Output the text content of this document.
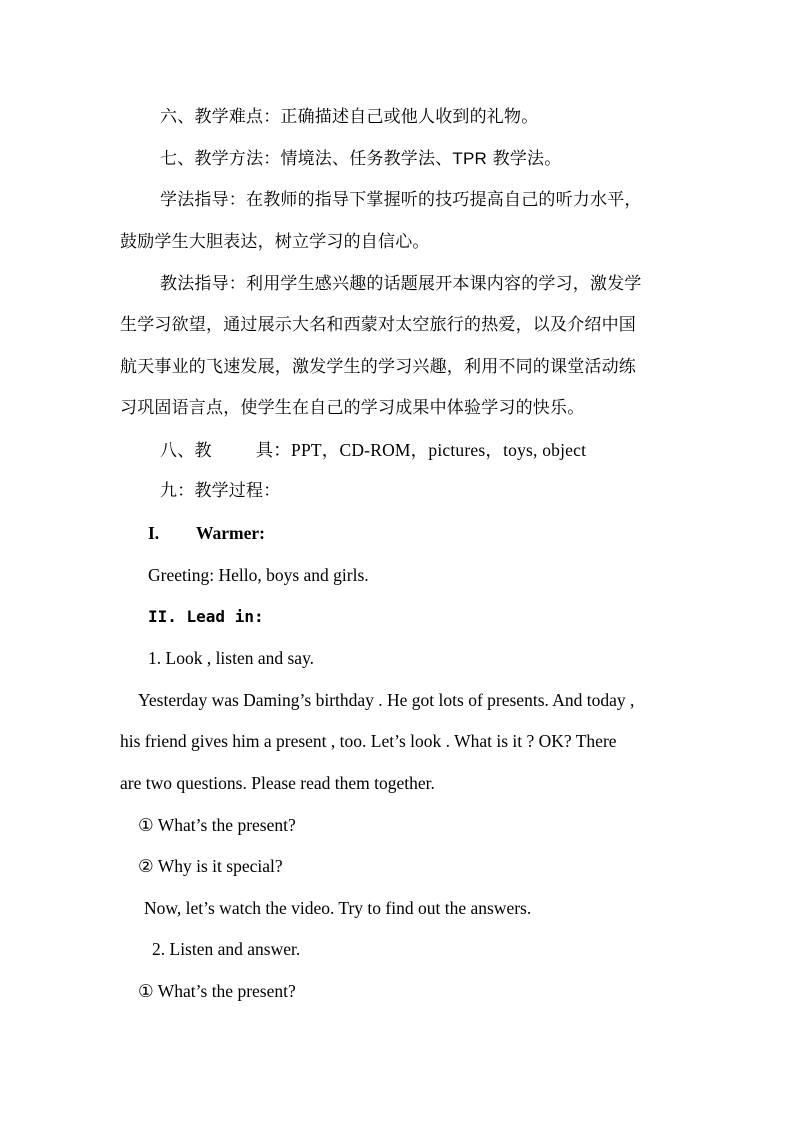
六、教学难点：正确描述自己或他人收到的礼物。
七、教学方法：情境法、任务教学法、TPR 教学法。
学法指导：在教师的指导下掌握听的技巧提高自己的听力水平，
鼓励学生大胆表达，树立学习的自信心。
教法指导：利用学生感兴趣的话题展开本课内容的学习，激发学
生学习欲望，通过展示大名和西蒙对太空旅行的热爱，以及介绍中国
航天事业的飞速发展，激发学生的学习兴趣，利用不同的课堂活动练
习巩固语言点，使学生在自己的学习成果中体验学习的快乐。
八、教	具：PPT，CD-ROM，pictures，toys, object
九：教学过程：
I. Warmer:
Greeting: Hello, boys and girls.
II. Lead in:
1. Look , listen and say.
Yesterday was Daming’s birthday . He got lots of presents. And today ,
his friend gives him a present , too. Let’s look . What is it ? OK? There
are two questions. Please read them together.
① What’s the present?
② Why is it special?
Now, let’s watch the video. Try to find out the answers.
2. Listen and answer.
① What’s the present?
